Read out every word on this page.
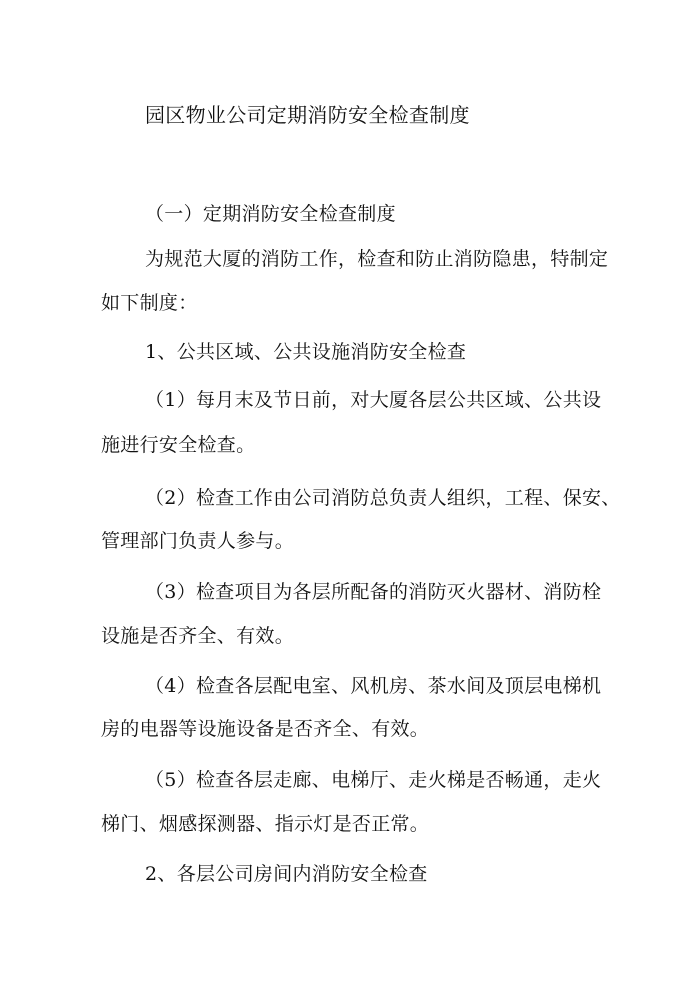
园区物业公司定期消防安全检查制度
（一）定期消防安全检查制度
为规范大厦的消防工作，检查和防止消防隐患，特制定
如下制度：
1、公共区域、公共设施消防安全检查
（1）每月末及节日前，对大厦各层公共区域、公共设
施进行安全检查。
（2）检查工作由公司消防总负责人组织，工程、保安、
管理部门负责人参与。
（3）检查项目为各层所配备的消防灭火器材、消防栓
设施是否齐全、有效。
（4）检查各层配电室、风机房、茶水间及顶层电梯机
房的电器等设施设备是否齐全、有效。
（5）检查各层走廊、电梯厅、走火梯是否畅通，走火
梯门、烟感探测器、指示灯是否正常。
2、各层公司房间内消防安全检查
